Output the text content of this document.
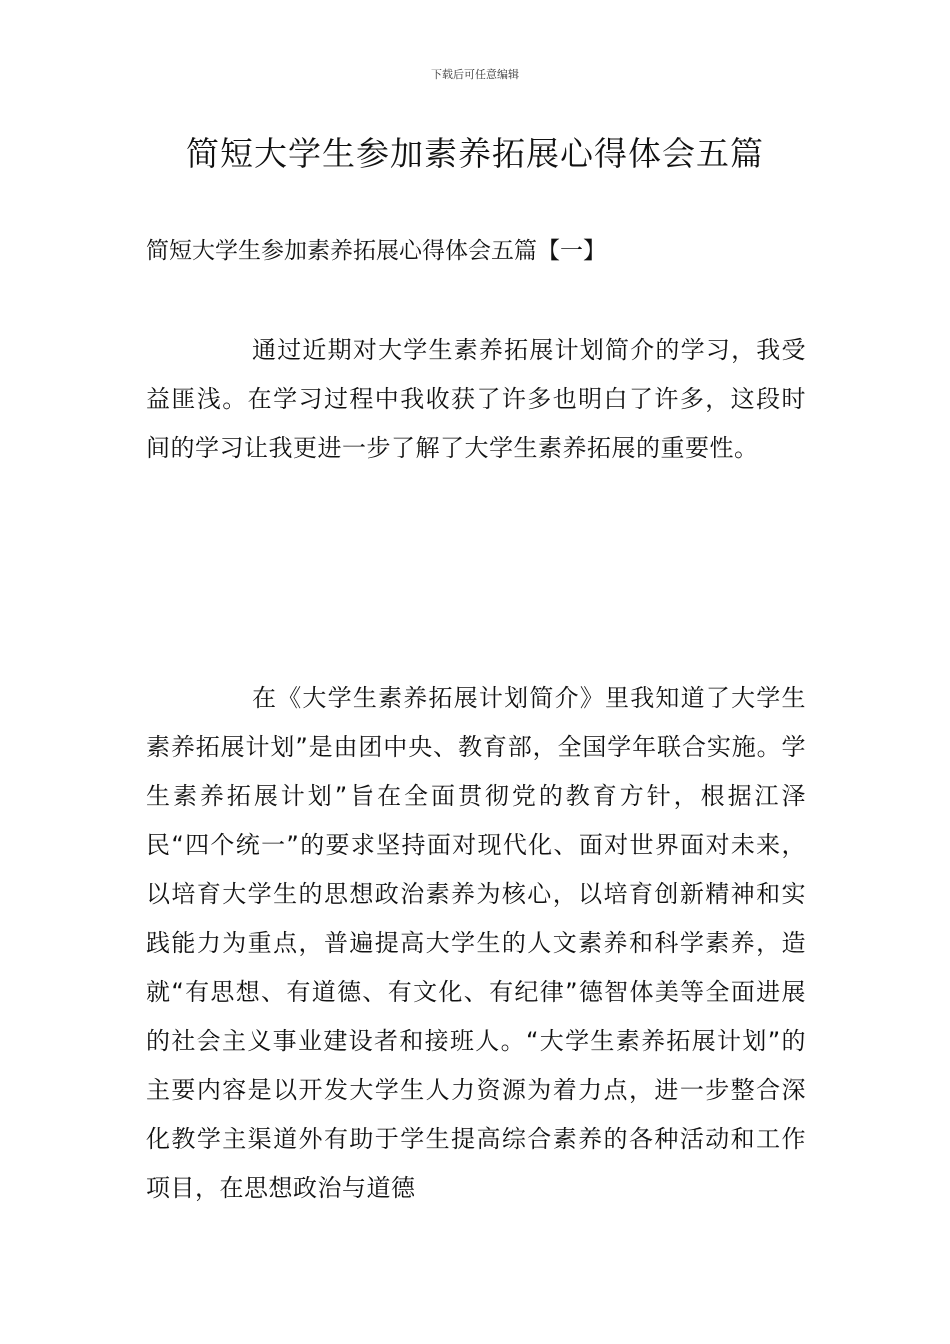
下载后可任意编辑
简短大学生参加素养拓展心得体会五篇
简短大学生参加素养拓展心得体会五篇【一】

通过近期对大学生素养拓展计划简介的学习，我受益匪浅。在学习过程中我收获了许多也明白了许多，这段时间的学习让我更进一步了解了大学生素养拓展的重要性。

在《大学生素养拓展计划简介》里我知道了大学生素养拓展计划”是由团中央、教育部，全国学年联合实施。学生素养拓展计划”旨在全面贯彻党的教育方针，根据江泽民“四个统一”的要求坚持面对现代化、面对世界面对未来，以培育大学生的思想政治素养为核心，以培育创新精神和实践能力为重点，普遍提高大学生的人文素养和科学素养，造就“有思想、有道德、有文化、有纪律”德智体美等全面进展的社会主义事业建设者和接班人。“大学生素养拓展计划”的主要内容是以开发大学生人力资源为着力点，进一步整合深化教学主渠道外有助于学生提高综合素养的各种活动和工作项目，在思想政治与道德
